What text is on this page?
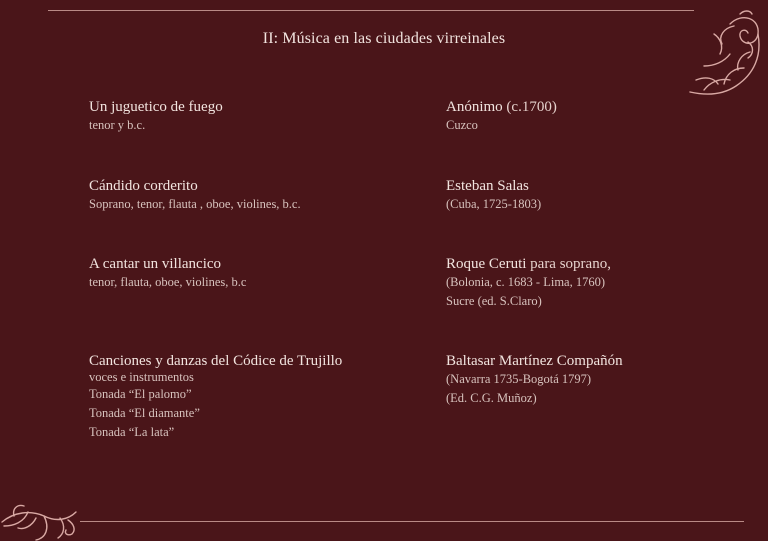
II: Música en las ciudades virreinales
Un juguetico de fuego
tenor y b.c.
Anónimo (c.1700)
Cuzco
Cándido corderito
Soprano, tenor, flauta , oboe, violines, b.c.
Esteban Salas
(Cuba, 1725-1803)
A cantar un villancico
tenor, flauta, oboe, violines, b.c
Roque Ceruti para soprano,
(Bolonia, c. 1683 - Lima, 1760)
Sucre (ed. S.Claro)
Canciones y danzas del Códice de Trujillo
voces e instrumentos
Tonada “El palomo”
Tonada “El diamante”
Tonada “La lata”
Baltasar Martínez Compañón
(Navarra 1735-Bogotá 1797)
(Ed. C.G. Muñoz)
